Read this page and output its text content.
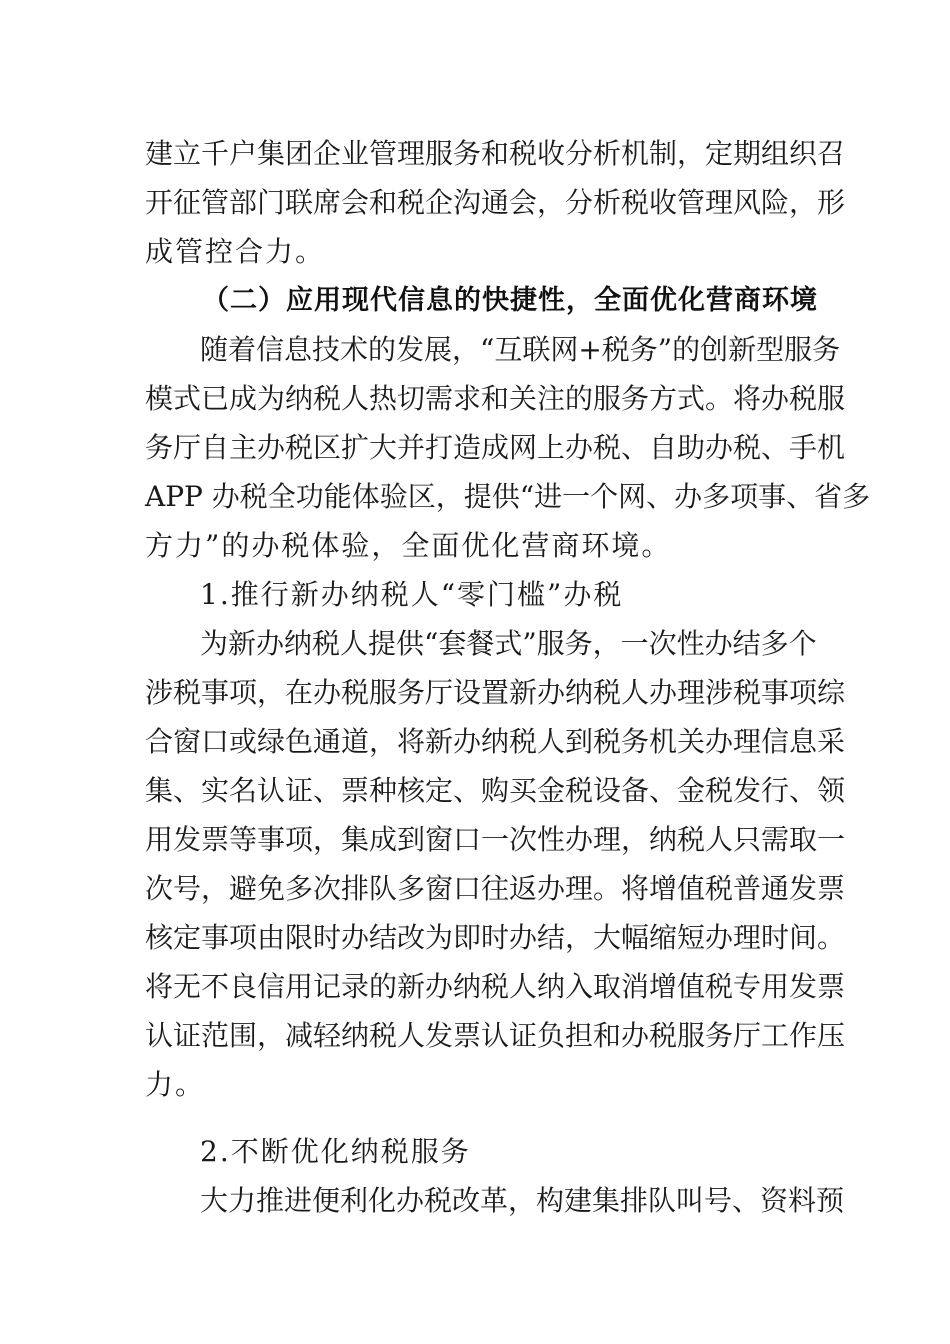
建立千户集团企业管理服务和税收分析机制，定期组织召
开征管部门联席会和税企沟通会，分析税收管理风险，形
成管控合力。
（二）应用现代信息的快捷性，全面优化营商环境
随着信息技术的发展，“互联网+税务”的创新型服务
模式已成为纳税人热切需求和关注的服务方式。将办税服
务厅自主办税区扩大并打造成网上办税、自助办税、手机
APP 办税全功能体验区，提供“进一个网、办多项事、省多
方力”的办税体验，全面优化营商环境。
1.推行新办纳税人“零门槛”办税
为新办纳税人提供“套餐式”服务，一次性办结多个
涉税事项，在办税服务厅设置新办纳税人办理涉税事项综
合窗口或绿色通道，将新办纳税人到税务机关办理信息采
集、实名认证、票种核定、购买金税设备、金税发行、领
用发票等事项，集成到窗口一次性办理，纳税人只需取一
次号，避免多次排队多窗口往返办理。将增值税普通发票
核定事项由限时办结改为即时办结，大幅缩短办理时间。
将无不良信用记录的新办纳税人纳入取消增值税专用发票
认证范围，减轻纳税人发票认证负担和办税服务厅工作压
力。
2.不断优化纳税服务
大力推进便利化办税改革，构建集排队叫号、资料预
